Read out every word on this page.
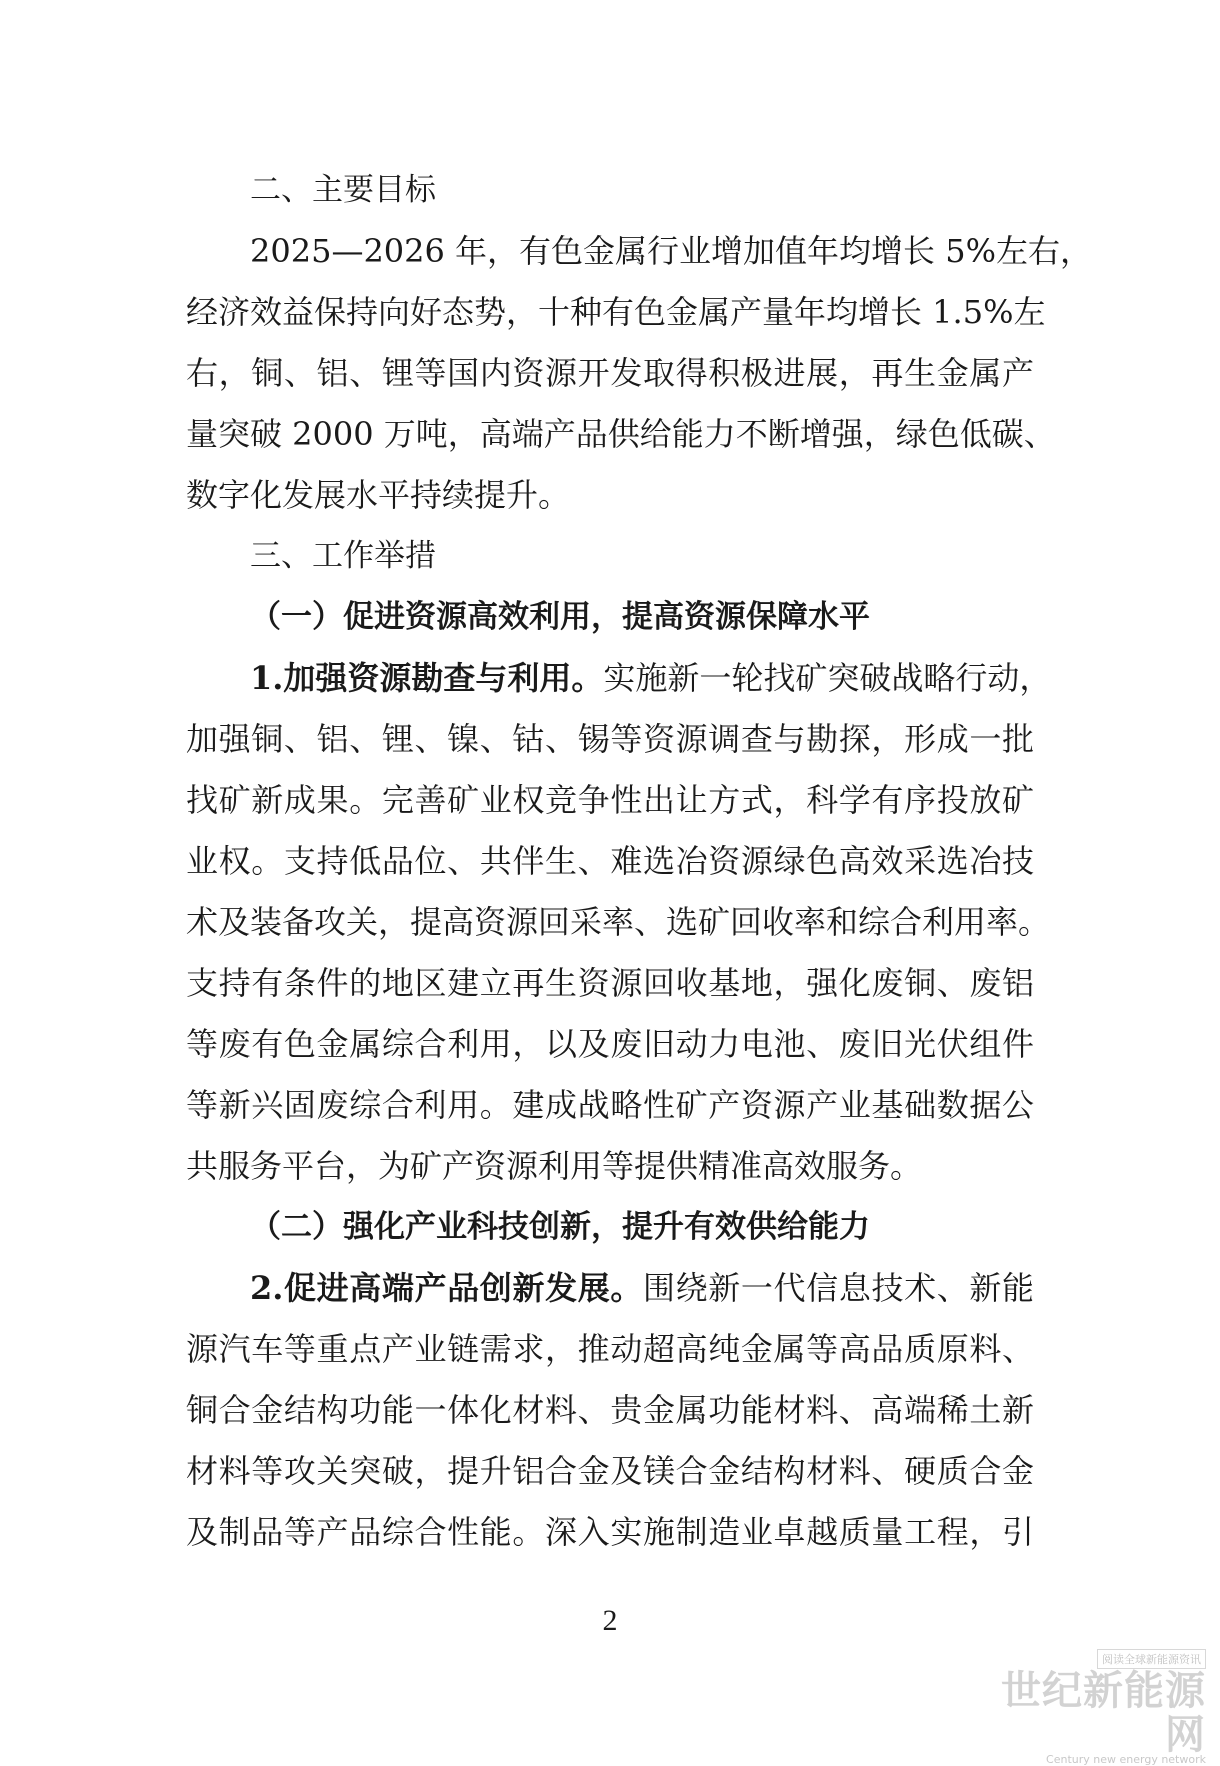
二、主要目标
2025—2026 年，有色金属行业增加值年均增长 5%左右，
经济效益保持向好态势，十种有色金属产量年均增长 1.5%左
右，铜、铝、锂等国内资源开发取得积极进展，再生金属产
量突破 2000 万吨，高端产品供给能力不断增强，绿色低碳、
数字化发展水平持续提升。
三、工作举措
（一）促进资源高效利用，提高资源保障水平
1.加强资源勘查与利用。实施新一轮找矿突破战略行动，
加强铜、铝、锂、镍、钴、锡等资源调查与勘探，形成一批
找矿新成果。完善矿业权竞争性出让方式，科学有序投放矿
业权。支持低品位、共伴生、难选冶资源绿色高效采选冶技
术及装备攻关，提高资源回采率、选矿回收率和综合利用率。
支持有条件的地区建立再生资源回收基地，强化废铜、废铝
等废有色金属综合利用，以及废旧动力电池、废旧光伏组件
等新兴固废综合利用。建成战略性矿产资源产业基础数据公
共服务平台，为矿产资源利用等提供精准高效服务。
（二）强化产业科技创新，提升有效供给能力
2.促进高端产品创新发展。围绕新一代信息技术、新能
源汽车等重点产业链需求，推动超高纯金属等高品质原料、
铜合金结构功能一体化材料、贵金属功能材料、高端稀土新
材料等攻关突破，提升铝合金及镁合金结构材料、硬质合金
及制品等产品综合性能。深入实施制造业卓越质量工程，引
2
阅读全球新能源资讯
世纪新能源网
Century new energy network
